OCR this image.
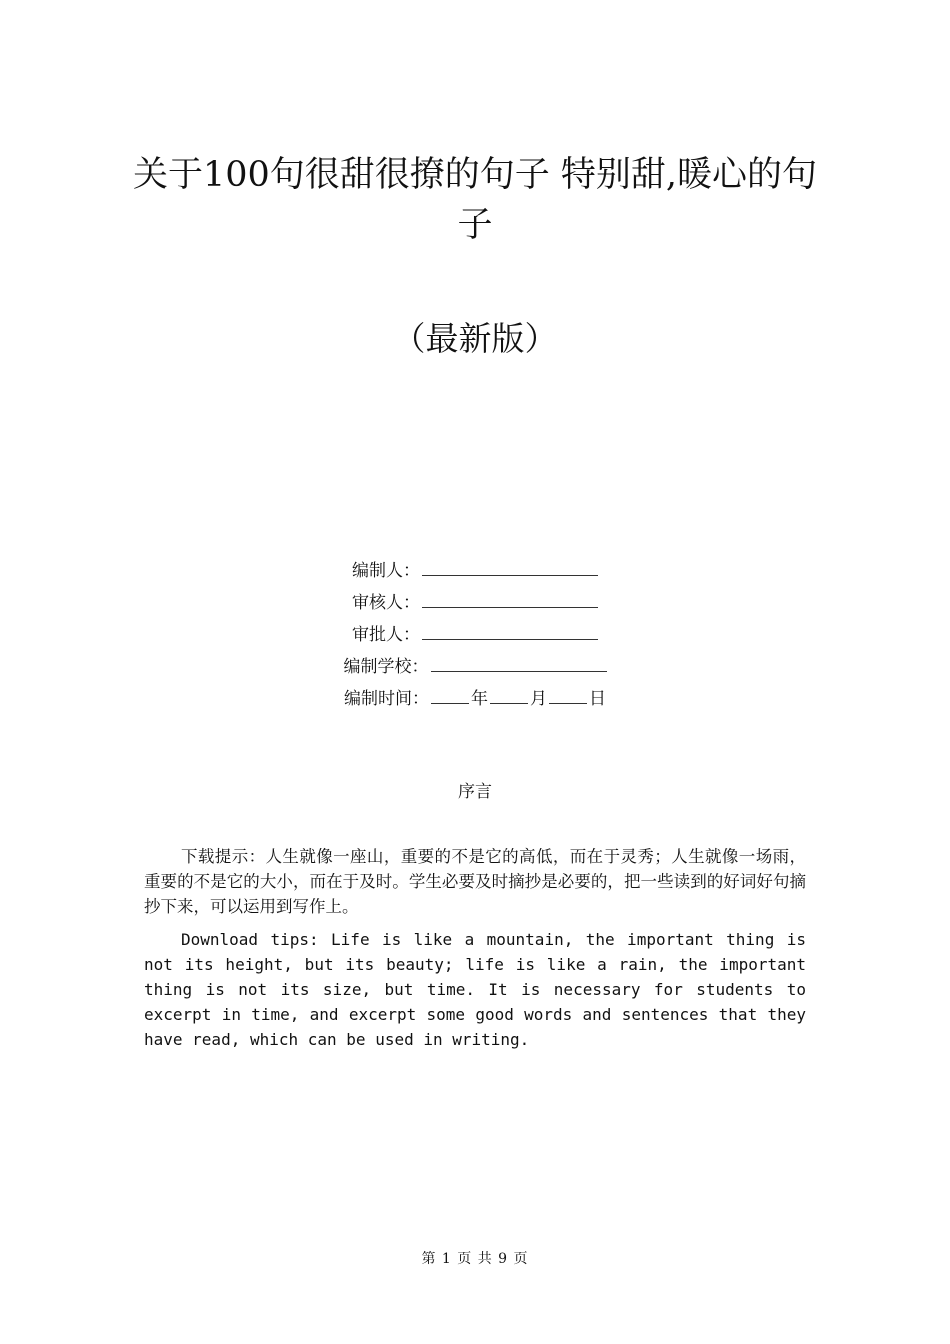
关于100句很甜很撩的句子 特别甜,暖心的句子
（最新版）
编制人：
审核人：
审批人：
编制学校：
编制时间： 年 月 日
序言

下载提示：人生就像一座山，重要的不是它的高低，而在于灵秀；人生就像一场雨，重要的不是它的大小，而在于及时。学生必要及时摘抄是必要的，把一些读到的好词好句摘抄下来，可以运用到写作上。

Download tips: Life is like a mountain, the important thing is not its height, but its beauty; life is like a rain, the important thing is not its size, but time. It is necessary for students to excerpt in time, and excerpt some good words and sentences that they have read, which can be used in writing.

第 1 页 共 9 页
